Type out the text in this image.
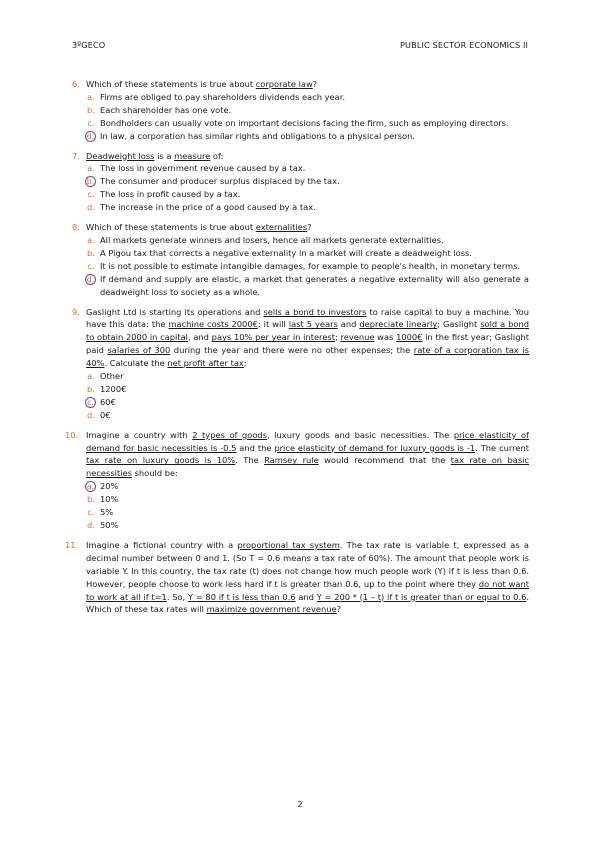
3ºGECO	PUBLIC SECTOR ECONOMICS II
6. Which of these statements is true about corporate law?
a. Firms are obliged to pay shareholders dividends each year.
b. Each shareholder has one vote.
c. Bondholders can usually vote on important decisions facing the firm, such as employing directors.
d. In law, a corporation has similar rights and obligations to a physical person.
7. Deadweight loss is a measure of:
a. The loss in government revenue caused by a tax.
b. The consumer and producer surplus displaced by the tax.
c. The loss in profit caused by a tax.
d. The increase in the price of a good caused by a tax.
8. Which of these statements is true about externalities?
a. All markets generate winners and losers, hence all markets generate externalities.
b. A Pigou tax that corrects a negative externality in a market will create a deadweight loss.
c. It is not possible to estimate intangible damages, for example to people's health, in monetary terms.
d. If demand and supply are elastic, a market that generates a negative externality will also generate a deadweight loss to society as a whole.
9. Gaslight Ltd is starting its operations and sells a bond to investors to raise capital to buy a machine. You have this data: the machine costs 2000€; it will last 5 years and depreciate linearly; Gaslight sold a bond to obtain 2000 in capital, and pays 10% per year in interest; revenue was 1000€ in the first year; Gaslight paid salaries of 300 during the year and there were no other expenses; the rate of a corporation tax is 40%. Calculate the net profit after tax:
a. Other
b. 1200€
c. 60€
d. 0€
10. Imagine a country with 2 types of goods, luxury goods and basic necessities. The price elasticity of demand for basic necessities is -0.5 and the price elasticity of demand for luxury goods is -1. The current tax rate on luxury goods is 10%. The Ramsey rule would recommend that the tax rate on basic necessities should be:
a. 20%
b. 10%
c. 5%
d. 50%
11. Imagine a fictional country with a proportional tax system. The tax rate is variable t, expressed as a decimal number between 0 and 1. (So T = 0.6 means a tax rate of 60%). The amount that people work is variable Y. In this country, the tax rate (t) does not change how much people work (Y) if t is less than 0.6. However, people choose to work less hard if t is greater than 0.6, up to the point where they do not want to work at all if t=1. So, Y = 80 if t is less than 0.6 and Y = 200 * (1 – t) if t is greater than or equal to 0.6. Which of these tax rates will maximize government revenue?
2
